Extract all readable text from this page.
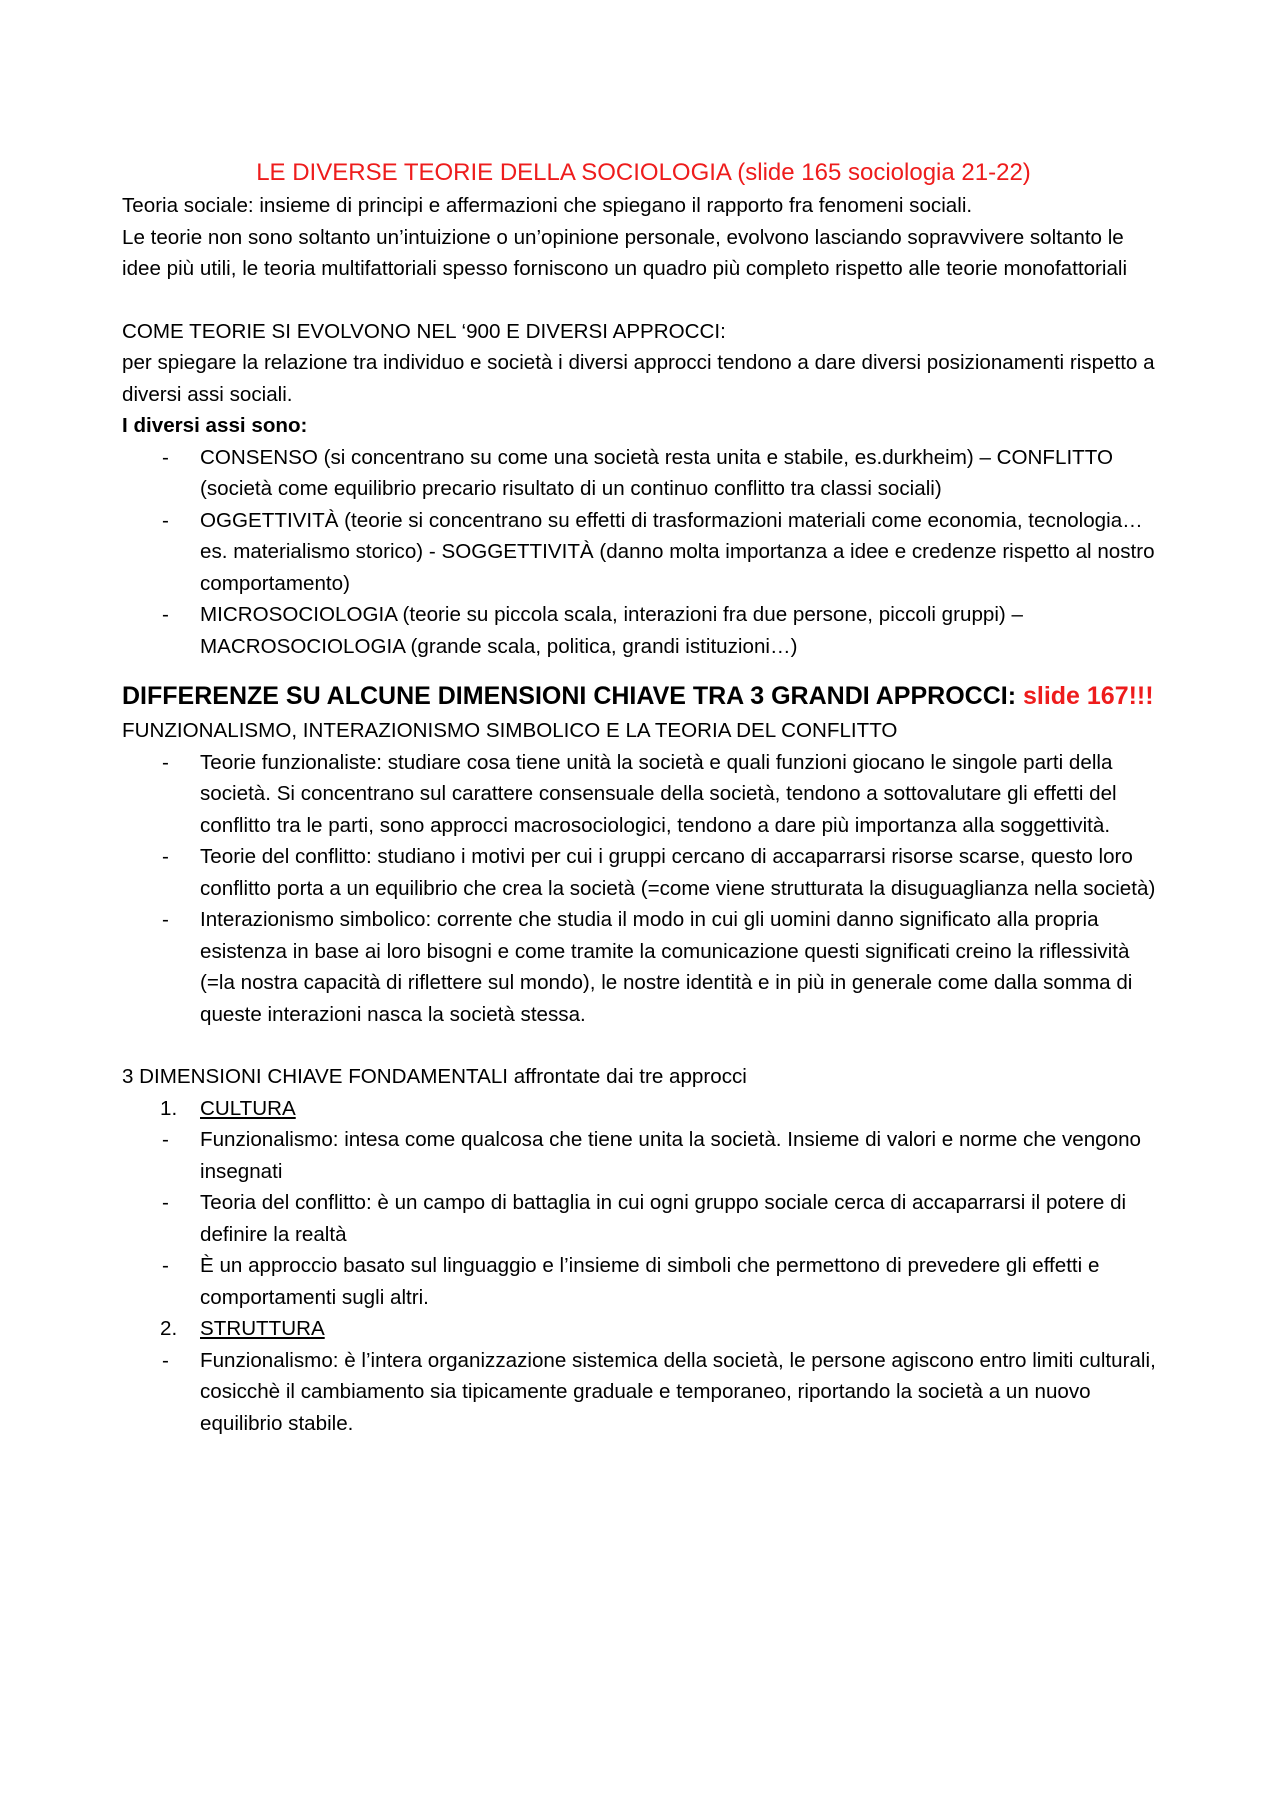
LE DIVERSE TEORIE DELLA SOCIOLOGIA (slide 165 sociologia 21-22)

Teoria sociale: insieme di principi e affermazioni che spiegano il rapporto fra fenomeni sociali.

Le teorie non sono soltanto un’intuizione o un’opinione personale, evolvono lasciando sopravvivere soltanto le idee più utili, le teoria multifattoriali spesso forniscono un quadro più completo rispetto alle teorie monofattoriali

COME TEORIE SI EVOLVONO NEL ‘900 E DIVERSI APPROCCI:

per spiegare la relazione tra individuo e società i diversi approcci tendono a dare diversi posizionamenti rispetto a diversi assi sociali.

I diversi assi sono:

- CONSENSO (si concentrano su come una società resta unita e stabile, es.durkheim) – CONFLITTO (società come equilibrio precario risultato di un continuo conflitto tra classi sociali)
- OGGETTIVITÀ (teorie si concentrano su effetti di trasformazioni materiali come economia, tecnologia… es. materialismo storico) - SOGGETTIVITÀ (danno molta importanza a idee e credenze rispetto al nostro comportamento)
- MICROSOCIOLOGIA (teorie su piccola scala, interazioni fra due persone, piccoli gruppi) – MACROSOCIOLOGIA (grande scala, politica, grandi istituzioni…)
DIFFERENZE SU ALCUNE DIMENSIONI CHIAVE TRA 3 GRANDI APPROCCI: slide 167!!!

FUNZIONALISMO, INTERAZIONISMO SIMBOLICO E LA TEORIA DEL CONFLITTO

- Teorie funzionaliste: studiare cosa tiene unità la società e quali funzioni giocano le singole parti della società. Si concentrano sul carattere consensuale della società, tendono a sottovalutare gli effetti del conflitto tra le parti, sono approcci macrosociologici, tendono a dare più importanza alla soggettività.
- Teorie del conflitto: studiano i motivi per cui i gruppi cercano di accaparrarsi risorse scarse, questo loro conflitto porta a un equilibrio che crea la società (=come viene strutturata la disuguaglianza nella società)
- Interazionismo simbolico: corrente che studia il modo in cui gli uomini danno significato alla propria esistenza in base ai loro bisogni e come tramite la comunicazione questi significati creino la riflessività (=la nostra capacità di riflettere sul mondo), le nostre identità e in più in generale come dalla somma di queste interazioni nasca la società stessa.

3 DIMENSIONI CHIAVE FONDAMENTALI affrontate dai tre approcci

1. CULTURA
- Funzionalismo: intesa come qualcosa che tiene unita la società. Insieme di valori e norme che vengono insegnati
- Teoria del conflitto: è un campo di battaglia in cui ogni gruppo sociale cerca di accaparrarsi il potere di definire la realtà
- È un approccio basato sul linguaggio e l’insieme di simboli che permettono di prevedere gli effetti e comportamenti sugli altri.
2. STRUTTURA
- Funzionalismo: è l’intera organizzazione sistemica della società, le persone agiscono entro limiti culturali, cosicchè il cambiamento sia tipicamente graduale e temporaneo, riportando la società a un nuovo equilibrio stabile.
